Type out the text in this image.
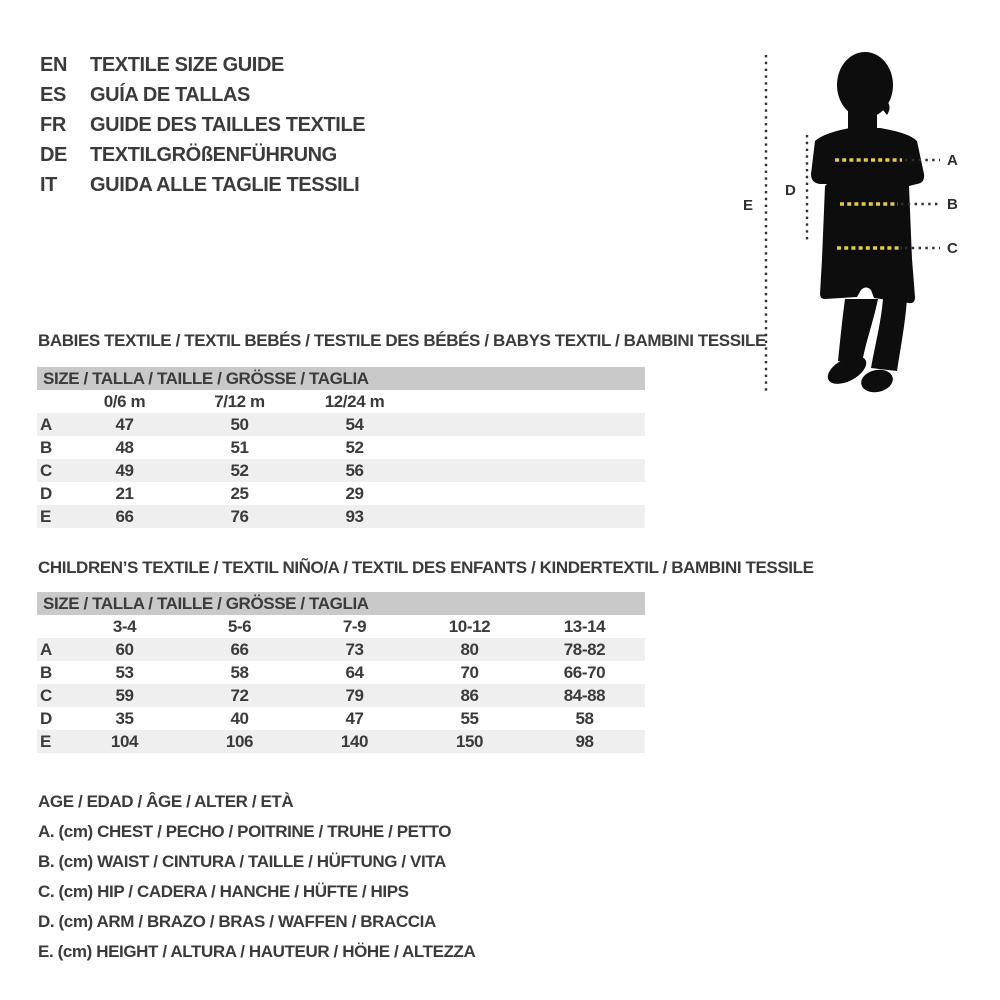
EN	TEXTILE SIZE GUIDE
ES	GUÍA DE TALLAS
FR	GUIDE DES TAILLES TEXTILE
DE	TEXTILGRÖßENFÜHRUNG
IT	GUIDA ALLE TAGLIE TESSILI
E
D
A
B
C
BABIES TEXTILE / TEXTIL BEBÉS / TESTILE DES BÉBÉS / BABYS TEXTIL / BAMBINI TESSILE
SIZE / TALLA / TAILLE / GRÖSSE / TAGLIA
	0/6 m	7/12 m	12/24 m	
A	47	50	54	
B	48	51	52	
C	49	52	56	
D	21	25	29	
E	66	76	93	
CHILDREN’S TEXTILE / TEXTIL NIÑO/A / TEXTIL DES ENFANTS / KINDERTEXTIL / BAMBINI TESSILE
SIZE / TALLA / TAILLE / GRÖSSE / TAGLIA
	3-4	5-6	7-9	10-12	13-14	
A	60	66	73	80	78-82	
B	53	58	64	70	66-70	
C	59	72	79	86	84-88	
D	35	40	47	55	58	
E	104	106	140	150	98	
AGE / EDAD / ÂGE / ALTER / ETÀ
A. (cm) CHEST / PECHO / POITRINE / TRUHE / PETTO
B. (cm) WAIST / CINTURA / TAILLE / HÜFTUNG / VITA
C. (cm) HIP / CADERA / HANCHE / HÜFTE / HIPS
D. (cm) ARM / BRAZO / BRAS / WAFFEN / BRACCIA
E. (cm) HEIGHT / ALTURA / HAUTEUR / HÖHE / ALTEZZA
